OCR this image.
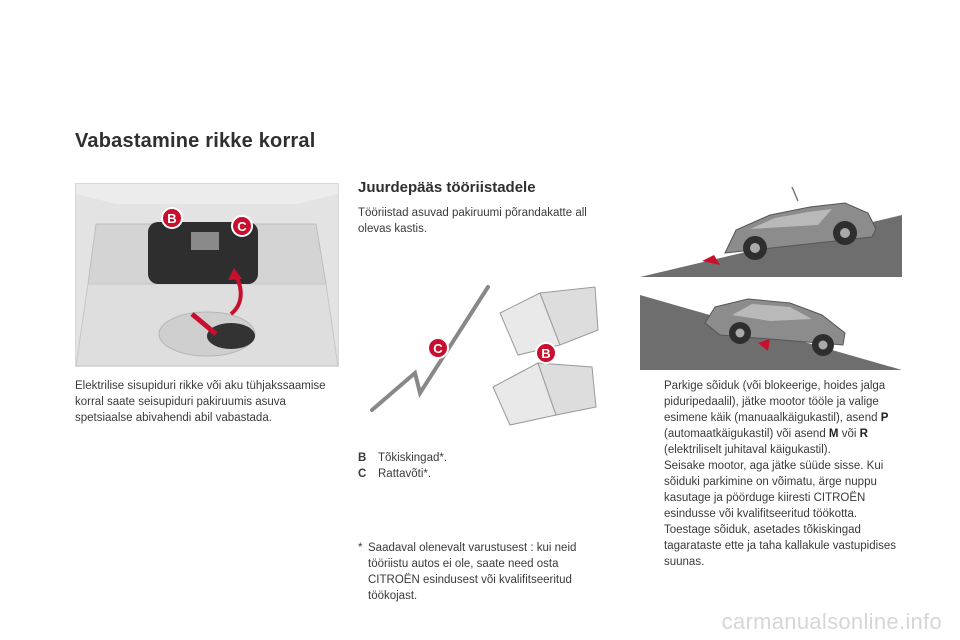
Vabastamine rikke korral
B
C

Elektrilise sisupiduri rikke või aku tühjakssaamise korral saate seisupiduri pakiruumis asuva spetsiaalse abivahendi abil vabastada.

Juurdepääs tööriistadele

Tööriistad asuvad pakiruumi põrandakatte all olevas kastis.

C	B
B	Tõkiskingad*.
C	Rattavõti*.
* Saadaval olenevalt varustusest : kui neid tööriistu autos ei ole, saate need osta CITROËN esindusest või kvalifitseeritud töökojast.
Parkige sõiduk (või blokeerige, hoides jalga piduripedaalil), jätke mootor tööle ja valige esimene käik (manuaalkäigukastil), asend P (automaatkäigukastil) või asend M või R (elektriliselt juhitaval käigukastil).
Seisake mootor, aga jätke süüde sisse. Kui sõiduki parkimine on võimatu, ärge nuppu kasutage ja pöörduge kiiresti CITROËN esindusse või kvalifitseeritud töökotta.
Toestage sõiduk, asetades tõkiskingad tagarataste ette ja taha kallakule vastupidises suunas.
carmanualsonline.info
